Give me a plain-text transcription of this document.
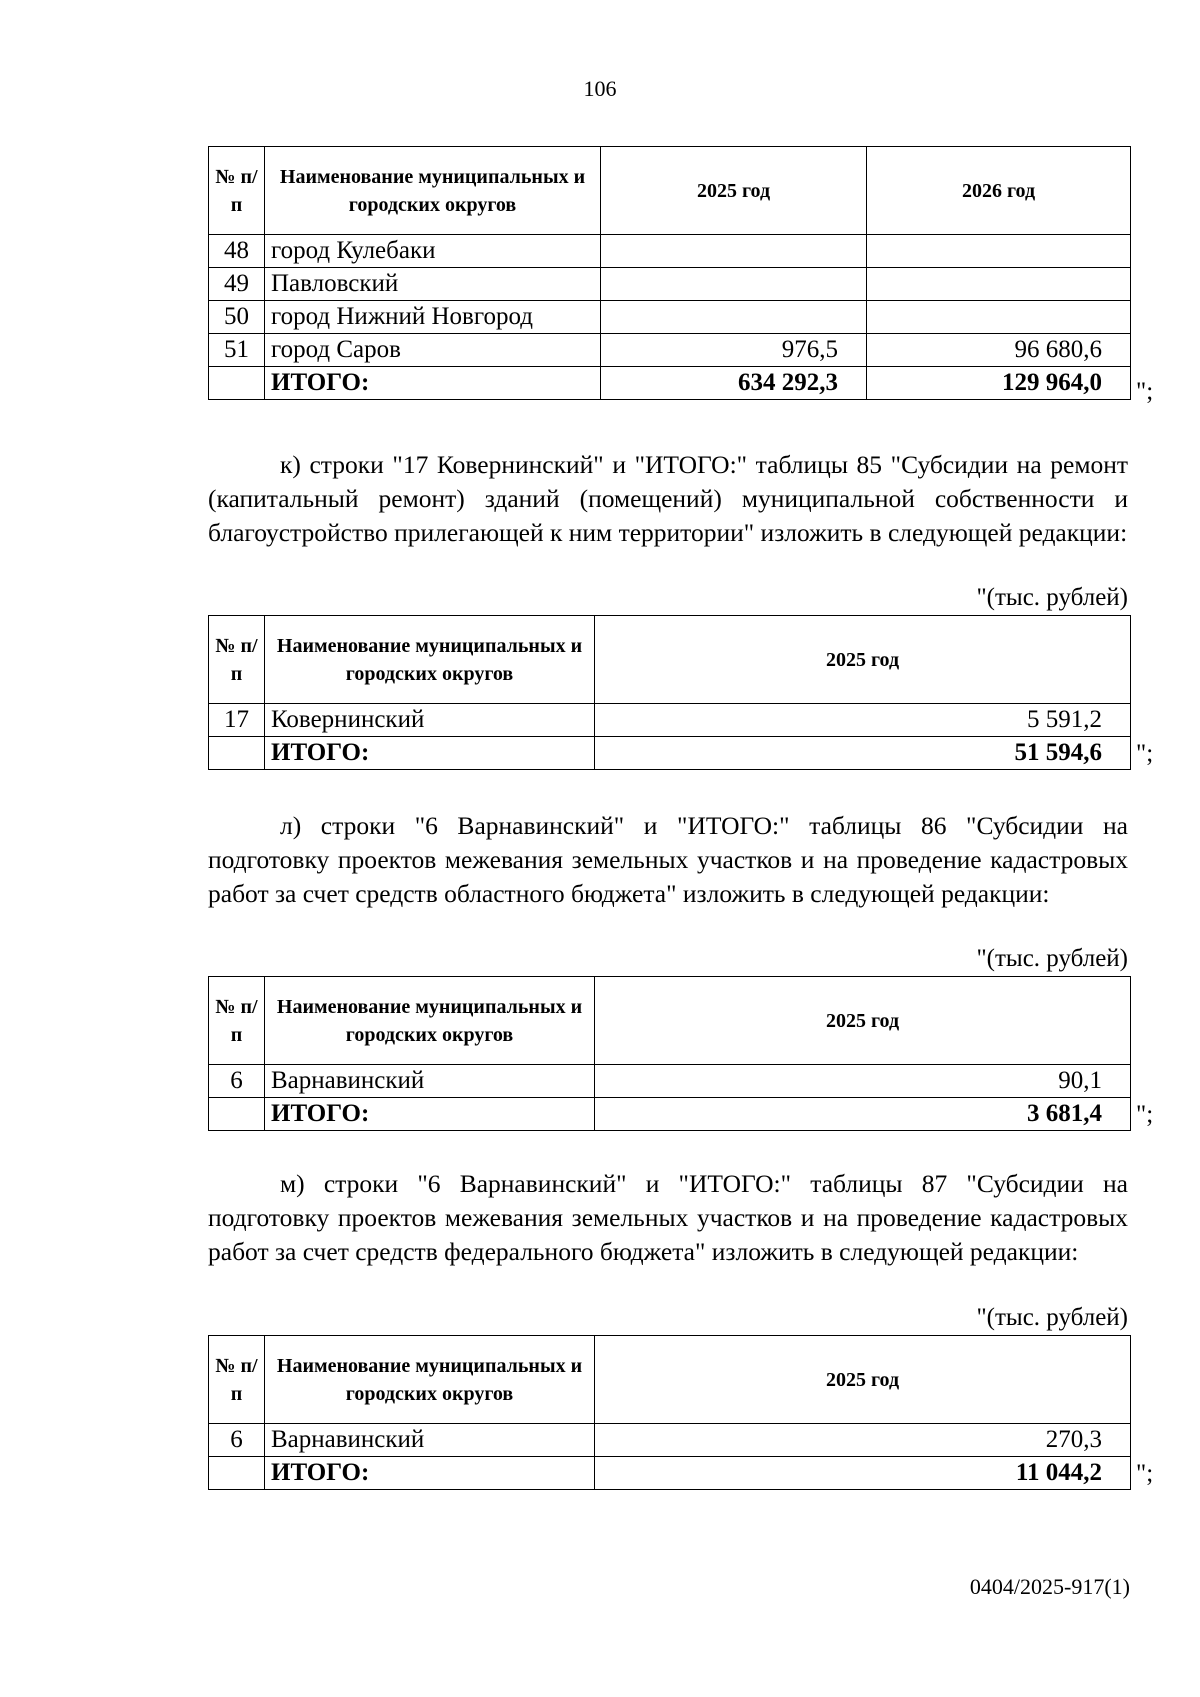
106
№ п/п	Наименование муниципальных и городских округов	2025 год	2026 год
48	город Кулебаки		
49	Павловский		
50	город Нижний Новгород		
51	город Саров	976,5	96 680,6
	ИТОГО:	634 292,3	129 964,0 ";
к) строки "17 Ковернинский" и "ИТОГО:" таблицы 85 "Субсидии на ремонт (капитальный ремонт) зданий (помещений) муниципальной собственности и благоустройство прилегающей к ним территории" изложить в следующей редакции:
"(тыс. рублей)
№ п/п	Наименование муниципальных и городских округов	2025 год
17	Ковернинский	5 591,2
	ИТОГО:	51 594,6 ";
л) строки "6 Варнавинский" и "ИТОГО:" таблицы 86 "Субсидии на подготовку проектов межевания земельных участков и на проведение кадастровых работ за счет средств областного бюджета" изложить в следующей редакции:
"(тыс. рублей)
№ п/п	Наименование муниципальных и городских округов	2025 год
6	Варнавинский	90,1
	ИТОГО:	3 681,4 ";
м) строки "6 Варнавинский" и "ИТОГО:" таблицы 87 "Субсидии на подготовку проектов межевания земельных участков и на проведение кадастровых работ за счет средств федерального бюджета" изложить в следующей редакции:
"(тыс. рублей)
№ п/п	Наименование муниципальных и городских округов	2025 год
6	Варнавинский	270,3
	ИТОГО:	11 044,2 ";
0404/2025-917(1)
